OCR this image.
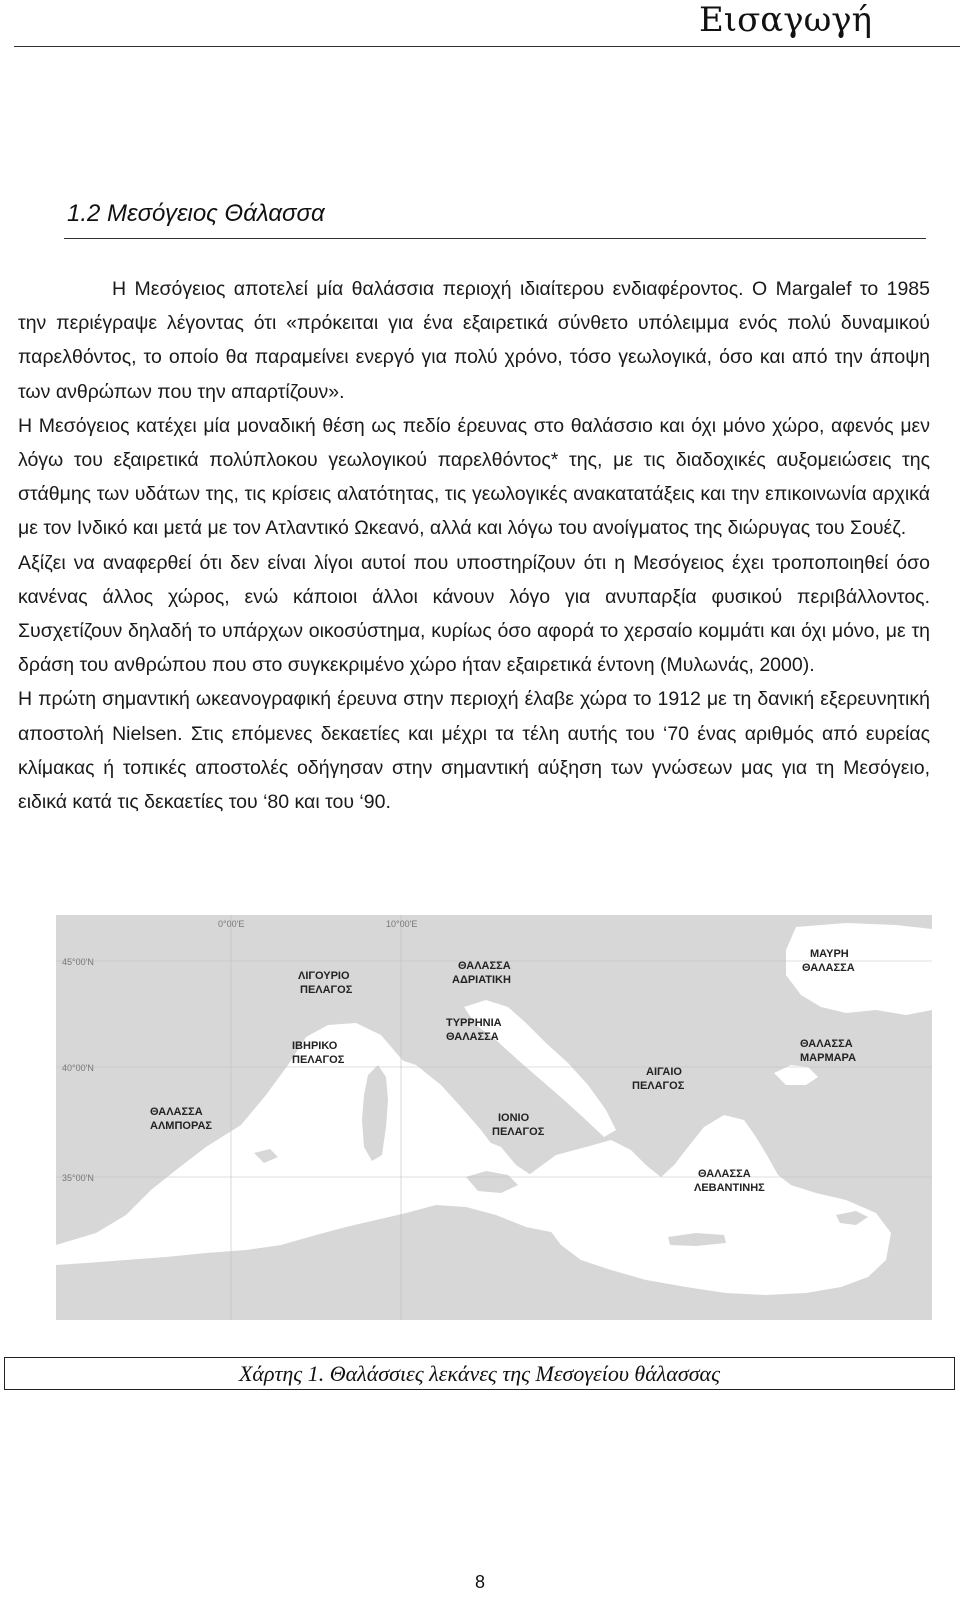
Εισαγωγή
1.2 Μεσόγειος Θάλασσα

Η Μεσόγειος αποτελεί μία θαλάσσια περιοχή ιδιαίτερου ενδιαφέροντος. Ο Margalef το 1985 την περιέγραψε λέγοντας ότι «πρόκειται για ένα εξαιρετικά σύνθετο υπόλειμμα ενός πολύ δυναμικού παρελθόντος, το οποίο θα παραμείνει ενεργό για πολύ χρόνο, τόσο γεωλογικά, όσο και από την άποψη των ανθρώπων που την απαρτίζουν».

Η Μεσόγειος κατέχει μία μοναδική θέση ως πεδίο έρευνας στο θαλάσσιο και όχι μόνο χώρο, αφενός μεν λόγω του εξαιρετικά πολύπλοκου γεωλογικού παρελθόντος* της, με τις διαδοχικές αυξομειώσεις της στάθμης των υδάτων της, τις κρίσεις αλατότητας, τις γεωλογικές ανακατατάξεις και την επικοινωνία αρχικά με τον Ινδικό και μετά με τον Ατλαντικό Ωκεανό, αλλά και λόγω του ανοίγματος της διώρυγας του Σουέζ.

Αξίζει να αναφερθεί ότι δεν είναι λίγοι αυτοί που υποστηρίζουν ότι η Μεσόγειος έχει τροποποιηθεί όσο κανένας άλλος χώρος, ενώ κάποιοι άλλοι κάνουν λόγο για ανυπαρξία φυσικού περιβάλλοντος. Συσχετίζουν δηλαδή το υπάρχων οικοσύστημα, κυρίως όσο αφορά το χερσαίο κομμάτι και όχι μόνο, με τη δράση του ανθρώπου που στο συγκεκριμένο χώρο ήταν εξαιρετικά έντονη (Μυλωνάς, 2000).

Η πρώτη σημαντική ωκεανογραφική έρευνα στην περιοχή έλαβε χώρα το 1912 με τη δανική εξερευνητική αποστολή Nielsen. Στις επόμενες δεκαετίες και μέχρι τα τέλη αυτής του ‘70 ένας αριθμός από ευρείας κλίμακας ή τοπικές αποστολές οδήγησαν στην σημαντική αύξηση των γνώσεων μας για τη Μεσόγειο, ειδικά κατά τις δεκαετίες του ‘80 και του ‘90.

0°00'E	10°00'E
45°00'N
40°00'N
35°00'N
ΛΙΓΟΥΡΙΟ
ΠΕΛΑΓΟΣ
ΘΑΛΑΣΣΑ
ΑΔΡΙΑΤΙΚΗ
ΜΑΥΡΗ
ΘΑΛΑΣΣΑ
ΘΑΛΑΣΣΑ
ΜΑΡΜΑΡΑ
ΙΒΗΡΙΚΟ
ΠΕΛΑΓΟΣ
ΤΥΡΡΗΝΙΑ
ΘΑΛΑΣΣΑ
ΑΙΓΑΙΟ
ΠΕΛΑΓΟΣ
ΘΑΛΑΣΣΑ
ΑΛΜΠΟΡΑΣ
ΙΟΝΙΟ
ΠΕΛΑΓΟΣ
ΘΑΛΑΣΣΑ
ΛΕΒΑΝΤΙΝΗΣ
Χάρτης 1. Θαλάσσιες λεκάνες της Μεσογείου θάλασσας
8
